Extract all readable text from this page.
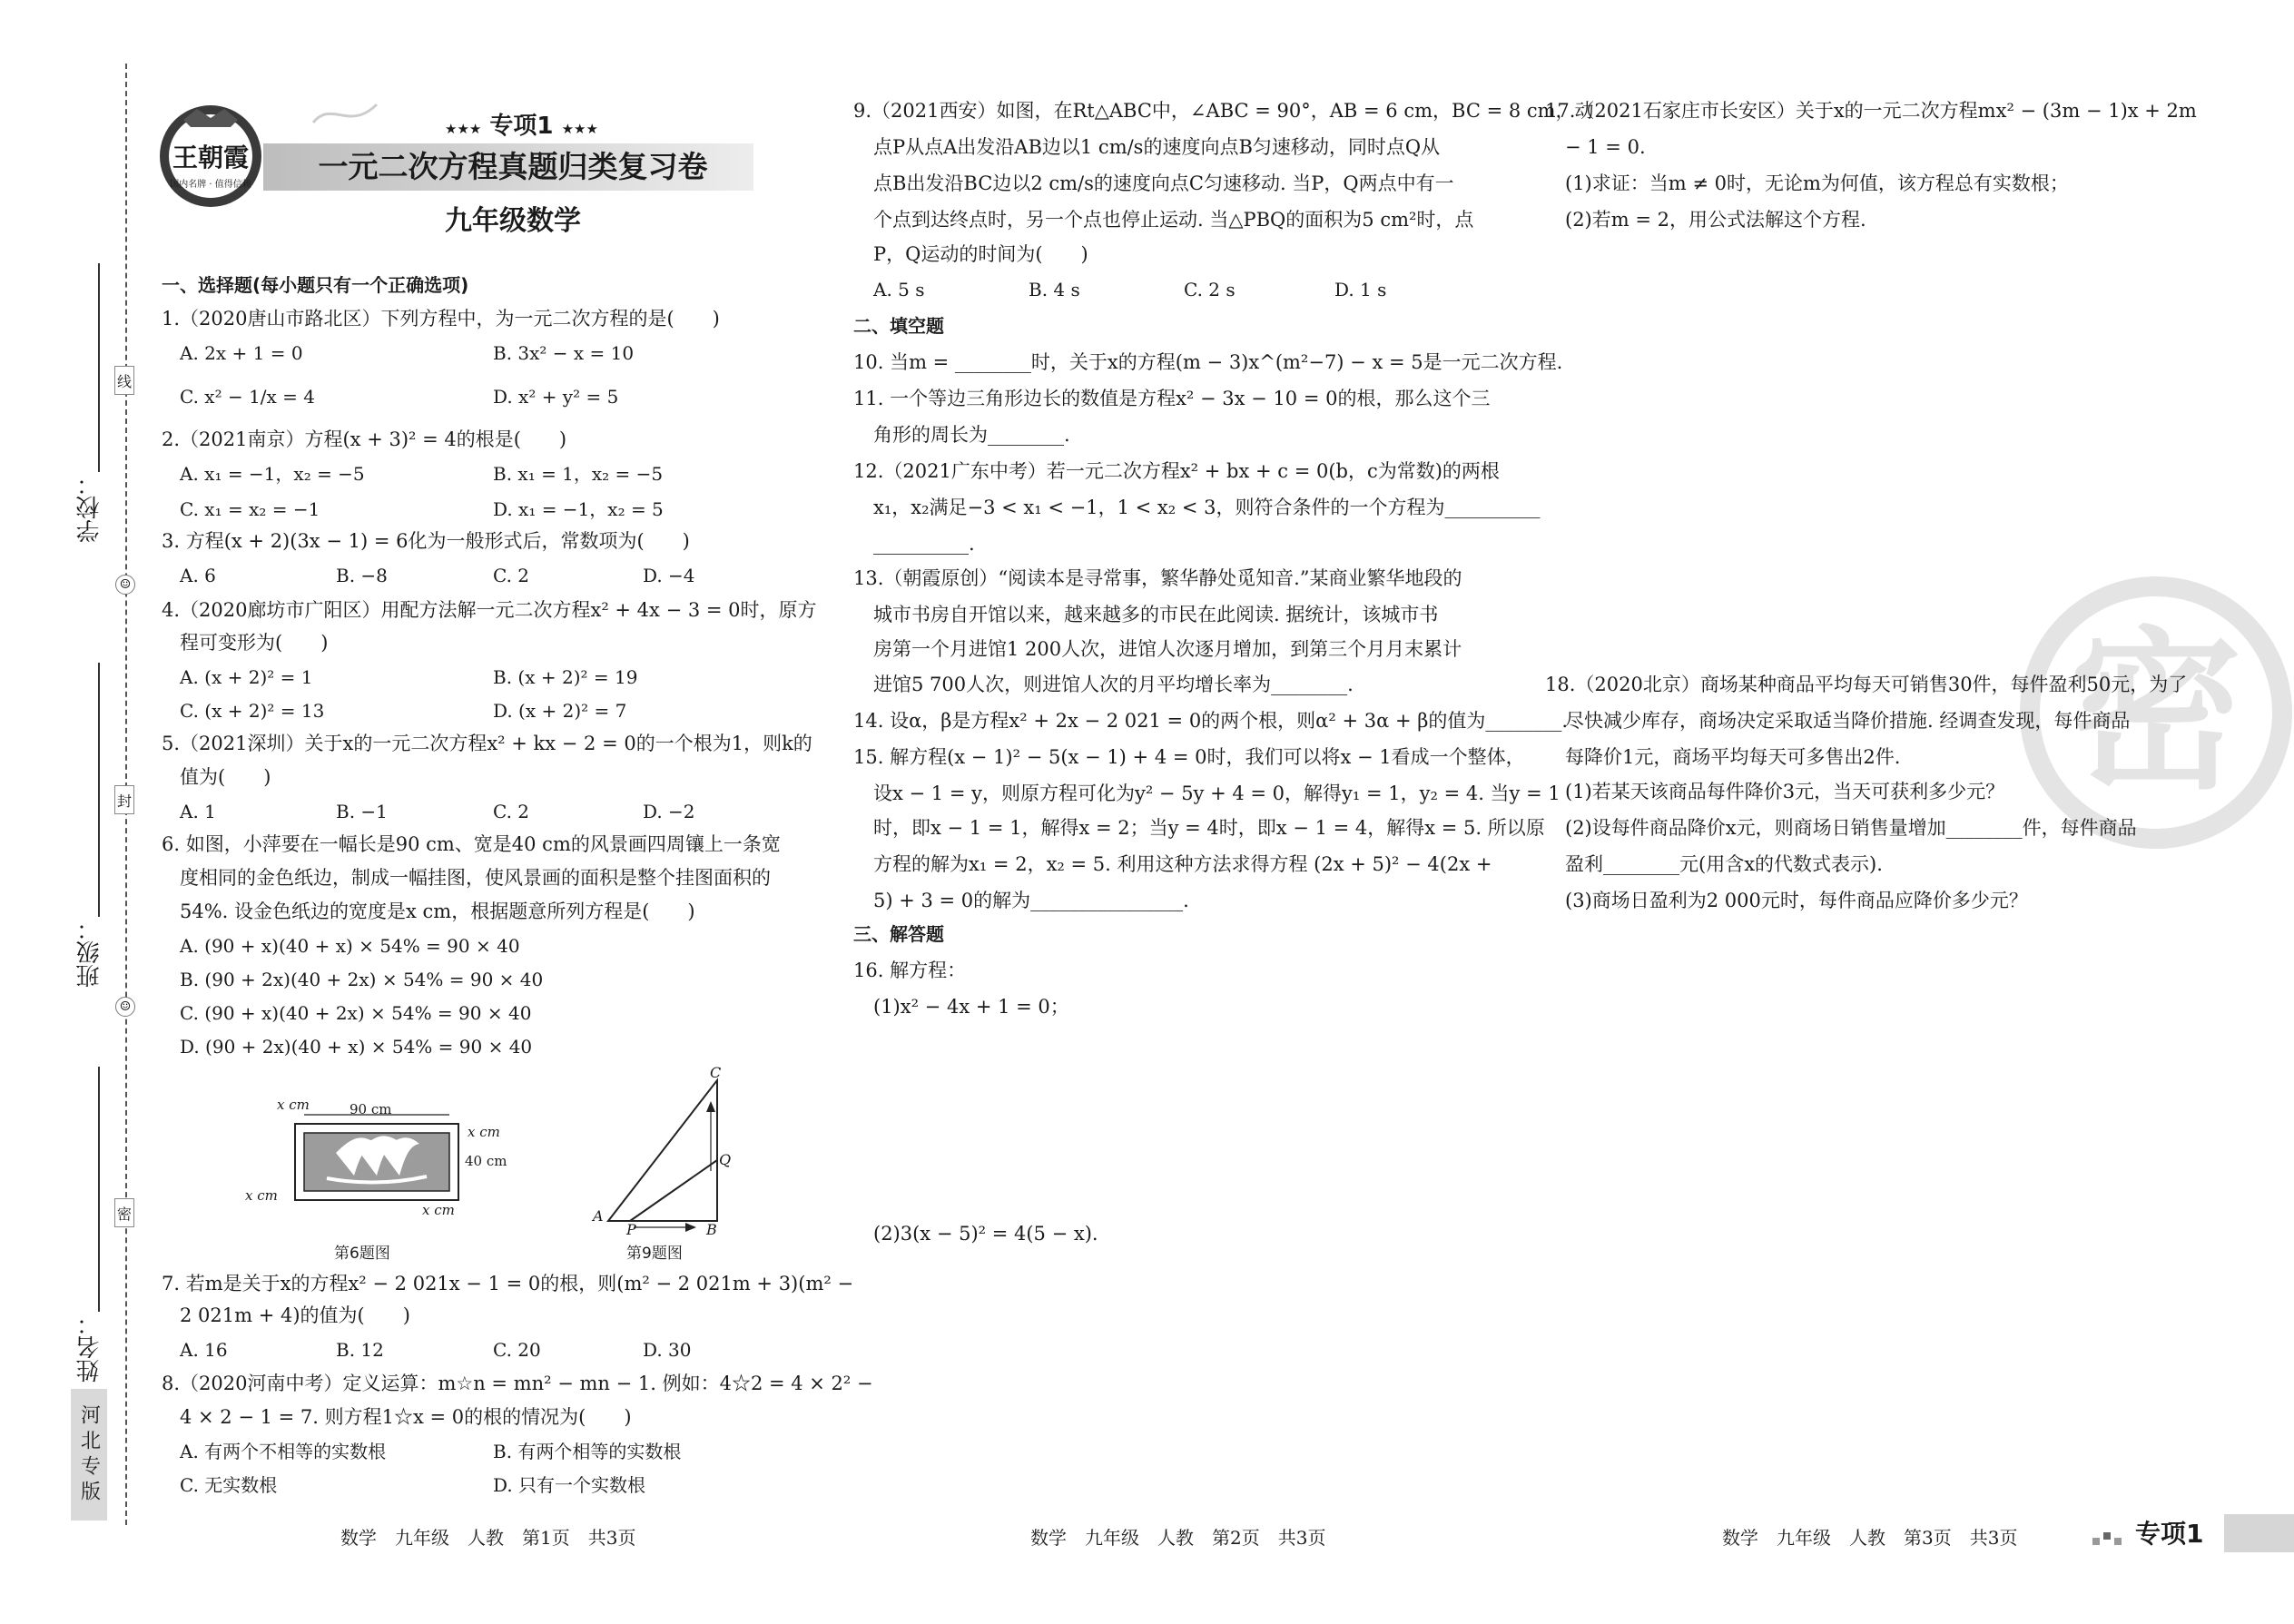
学校：
班级：
姓名：
线
封
密
☺
☺
河北专版
王朝霞
国内名牌 · 值得信赖
★★★ 专项1 ★★★
一元二次方程真题归类复习卷
九年级数学
一、选择题(每小题只有一个正确选项)
1.（2020唐山市路北区）下列方程中，为一元二次方程的是(　　)
A. 2x + 1 = 0	B. 3x² − x = 10
C. x² − 1/x = 4	D. x² + y² = 5
2.（2021南京）方程(x + 3)² = 4的根是(　　)
A. x₁ = −1，x₂ = −5	B. x₁ = 1，x₂ = −5
C. x₁ = x₂ = −1	D. x₁ = −1，x₂ = 5
3. 方程(x + 2)(3x − 1) = 6化为一般形式后，常数项为(　　)
A. 6	B. −8	C. 2	D. −4
4.（2020廊坊市广阳区）用配方法解一元二次方程x² + 4x − 3 = 0时，原方
程可变形为(　　)
A. (x + 2)² = 1	B. (x + 2)² = 19
C. (x + 2)² = 13	D. (x + 2)² = 7
5.（2021深圳）关于x的一元二次方程x² + kx − 2 = 0的一个根为1，则k的
值为(　　)
A. 1	B. −1	C. 2	D. −2
6. 如图，小萍要在一幅长是90 cm、宽是40 cm的风景画四周镶上一条宽
度相同的金色纸边，制成一幅挂图，使风景画的面积是整个挂图面积的
54%. 设金色纸边的宽度是x cm，根据题意所列方程是(　　)
A. (90 + x)(40 + x) × 54% = 90 × 40
B. (90 + 2x)(40 + 2x) × 54% = 90 × 40
C. (90 + x)(40 + 2x) × 54% = 90 × 40
D. (90 + 2x)(40 + x) × 54% = 90 × 40
90 cm
x cm
40 cm
x cm
x cm
x cm
第6题图
A
P	B
Q
C
第9题图
7. 若m是关于x的方程x² − 2 021x − 1 = 0的根，则(m² − 2 021m + 3)(m² −
2 021m + 4)的值为(　　)
A. 16	B. 12	C. 20	D. 30
8.（2020河南中考）定义运算：m☆n = mn² − mn − 1. 例如：4☆2 = 4 × 2² −
4 × 2 − 1 = 7. 则方程1☆x = 0的根的情况为(　　)
A. 有两个不相等的实数根	B. 有两个相等的实数根
C. 无实数根	D. 只有一个实数根
9.（2021西安）如图，在Rt△ABC中，∠ABC = 90°，AB = 6 cm，BC = 8 cm，动
点P从点A出发沿AB边以1 cm/s的速度向点B匀速移动，同时点Q从
点B出发沿BC边以2 cm/s的速度向点C匀速移动. 当P，Q两点中有一
个点到达终点时，另一个点也停止运动. 当△PBQ的面积为5 cm²时，点
P，Q运动的时间为(　　)
A. 5 s	B. 4 s	C. 2 s	D. 1 s
二、填空题
10. 当m = ________时，关于x的方程(m − 3)x^(m²−7) − x = 5是一元二次方程.
11. 一个等边三角形边长的数值是方程x² − 3x − 10 = 0的根，那么这个三
角形的周长为________.
12.（2021广东中考）若一元二次方程x² + bx + c = 0(b，c为常数)的两根
x₁，x₂满足−3 < x₁ < −1，1 < x₂ < 3，则符合条件的一个方程为__________
__________.
13.（朝霞原创）“阅读本是寻常事，繁华静处觅知音.”某商业繁华地段的
城市书房自开馆以来，越来越多的市民在此阅读. 据统计，该城市书
房第一个月进馆1 200人次，进馆人次逐月增加，到第三个月月末累计
进馆5 700人次，则进馆人次的月平均增长率为________.
14. 设α，β是方程x² + 2x − 2 021 = 0的两个根，则α² + 3α + β的值为________.
15. 解方程(x − 1)² − 5(x − 1) + 4 = 0时，我们可以将x − 1看成一个整体，
设x − 1 = y，则原方程可化为y² − 5y + 4 = 0，解得y₁ = 1，y₂ = 4. 当y = 1
时，即x − 1 = 1，解得x = 2；当y = 4时，即x − 1 = 4，解得x = 5. 所以原
方程的解为x₁ = 2，x₂ = 5. 利用这种方法求得方程 (2x + 5)² − 4(2x +
5) + 3 = 0的解为________________.
三、解答题
16. 解方程：
(1)x² − 4x + 1 = 0；
(2)3(x − 5)² = 4(5 − x).
17.（2021石家庄市长安区）关于x的一元二次方程mx² − (3m − 1)x + 2m
− 1 = 0.
(1)求证：当m ≠ 0时，无论m为何值，该方程总有实数根；
(2)若m = 2，用公式法解这个方程.
密
18.（2020北京）商场某种商品平均每天可销售30件，每件盈利50元，为了
尽快减少库存，商场决定采取适当降价措施. 经调查发现，每件商品
每降价1元，商场平均每天可多售出2件.
(1)若某天该商品每件降价3元，当天可获利多少元？
(2)设每件商品降价x元，则商场日销售量增加________件，每件商品
盈利________元(用含x的代数式表示).
(3)商场日盈利为2 000元时，每件商品应降价多少元？
数学　九年级　人教　第1页　共3页	数学　九年级　人教　第2页　共3页	数学　九年级　人教　第3页　共3页	专项1
